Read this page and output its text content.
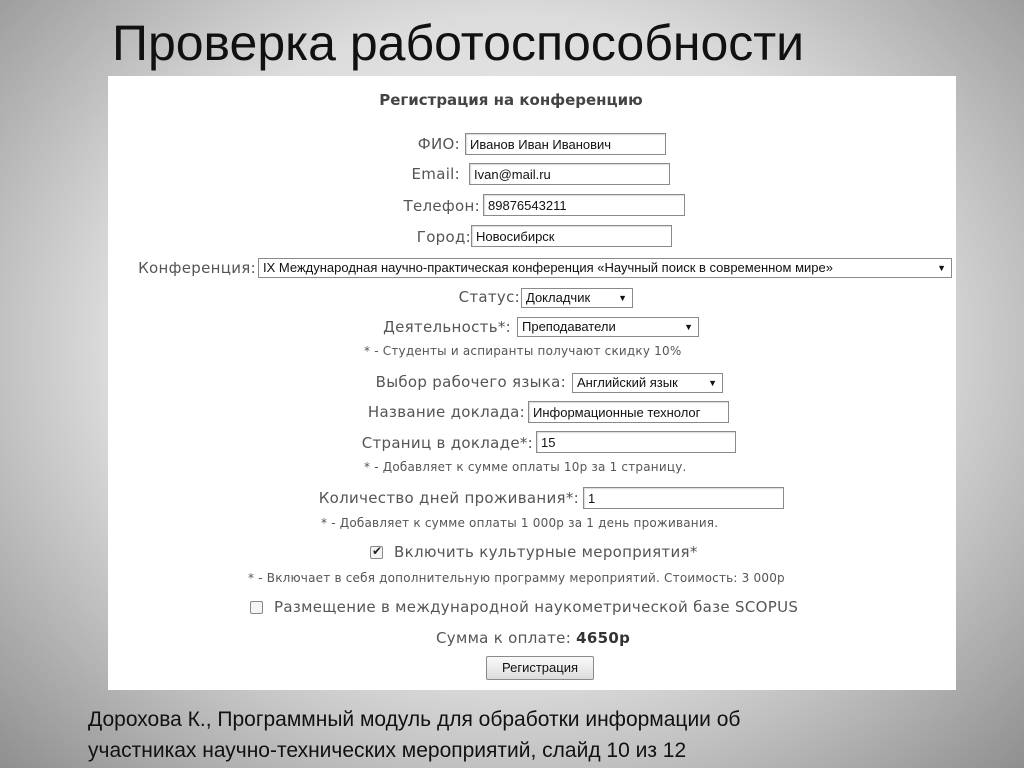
Проверка работоспособности
Регистрация на конференцию
ФИО: Иванов Иван Иванович
Email:	Ivan@mail.ru
Телефон: 89876543211
Город: Новосибирск
Конференция: IX Международная научно-практическая конференция «Научный поиск в современном мире»	▼
Статус: Докладчик	▼
Деятельность*: Преподаватели	▼
* - Студенты и аспиранты получают скидку 10%
Выбор рабочего языка: Английский язык	▼
Название доклада: Информационные технолог
Страниц в докладе*: 15
* - Добавляет к сумме оплаты 10р за 1 страницу.
Количество дней проживания*: 1
* - Добавляет к сумме оплаты 1 000р за 1 день проживания.
✔
Включить культурные мероприятия*
* - Включает в себя дополнительную программу мероприятий. Стоимость: 3 000р
Размещение в международной наукометрической базе SCOPUS
Сумма к оплате: 4650р
Регистрация
Дорохова К., Программный модуль для обработки информации об
участниках научно-технических мероприятий, слайд 10 из 12
